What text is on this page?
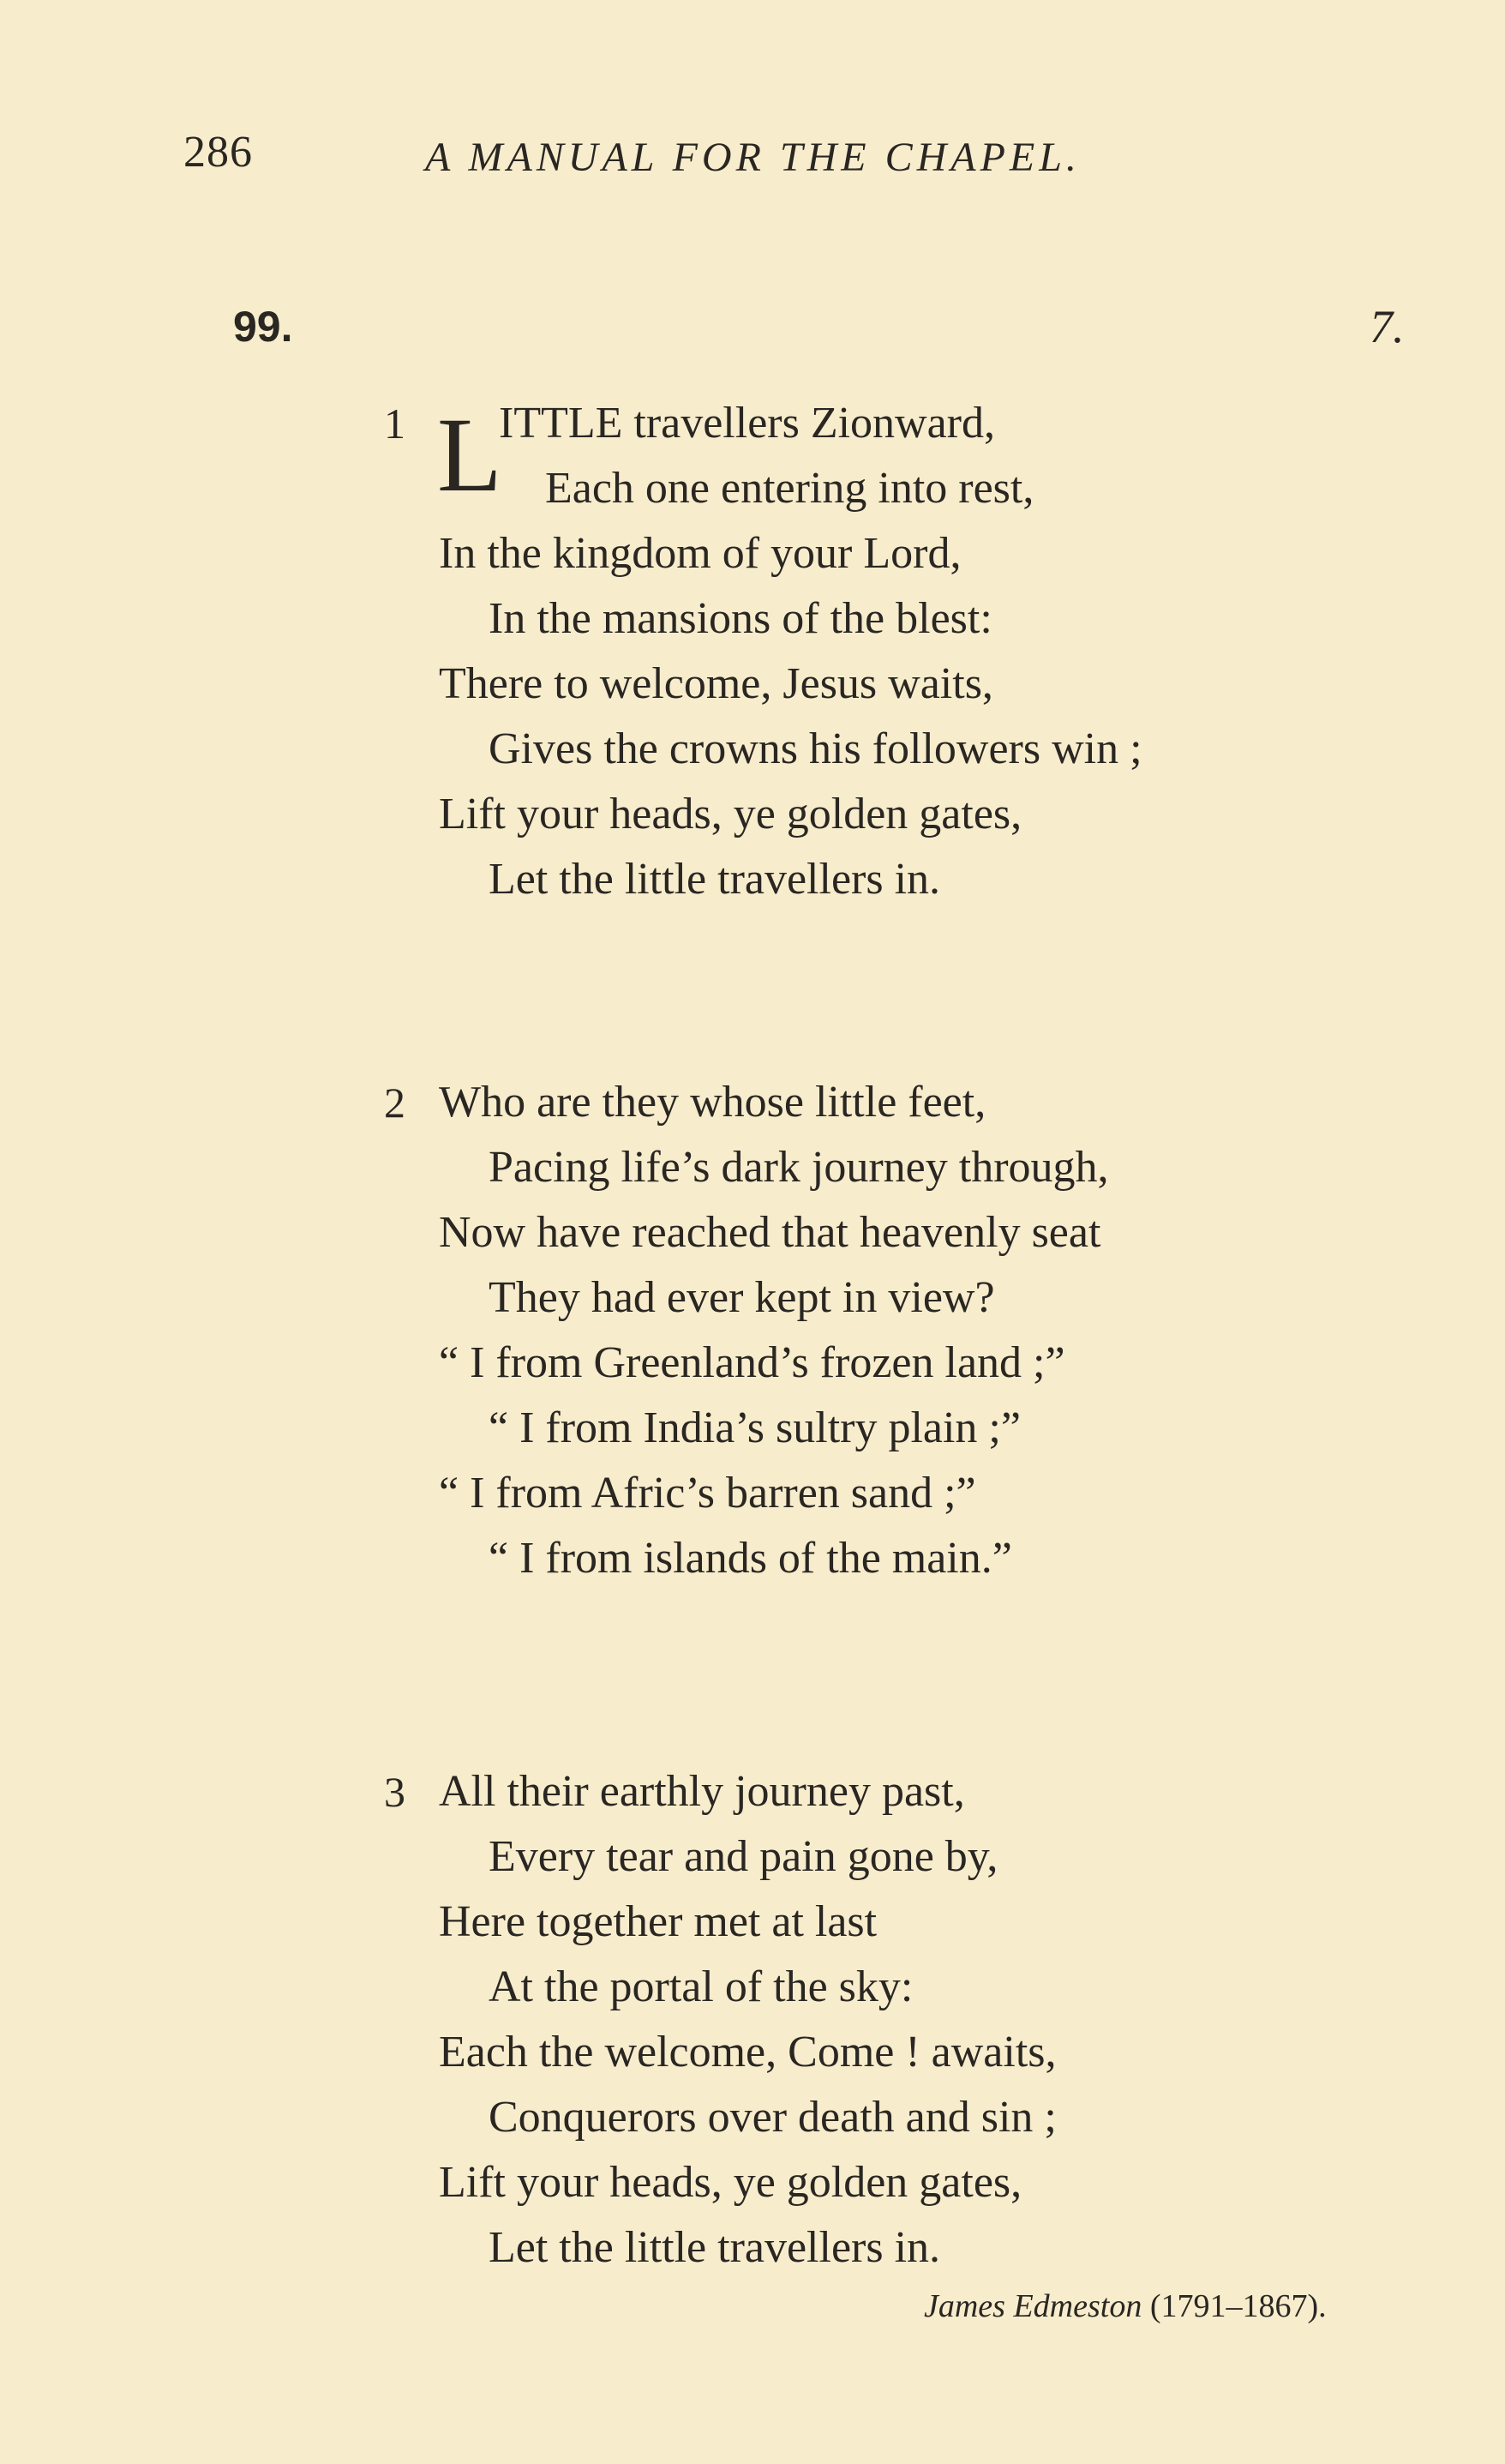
286	A MANUAL FOR THE CHAPEL.
99.	7.
1 L
ITTLE travellers Zionward,
Each one entering into rest,
In the kingdom of your Lord,
In the mansions of the blest:
There to welcome, Jesus waits,
Gives the crowns his followers win ;
Lift your heads, ye golden gates,
Let the little travellers in.
2 Who are they whose little feet,
Pacing life’s dark journey through,
Now have reached that heavenly seat
They had ever kept in view?
“ I from Greenland’s frozen land ;”
“ I from India’s sultry plain ;”
“ I from Afric’s barren sand ;”
“ I from islands of the main.”
3 All their earthly journey past,
Every tear and pain gone by,
Here together met at last
At the portal of the sky:
Each the welcome, Come ! awaits,
Conquerors over death and sin ;
Lift your heads, ye golden gates,
Let the little travellers in.
James Edmeston (1791–1867).
